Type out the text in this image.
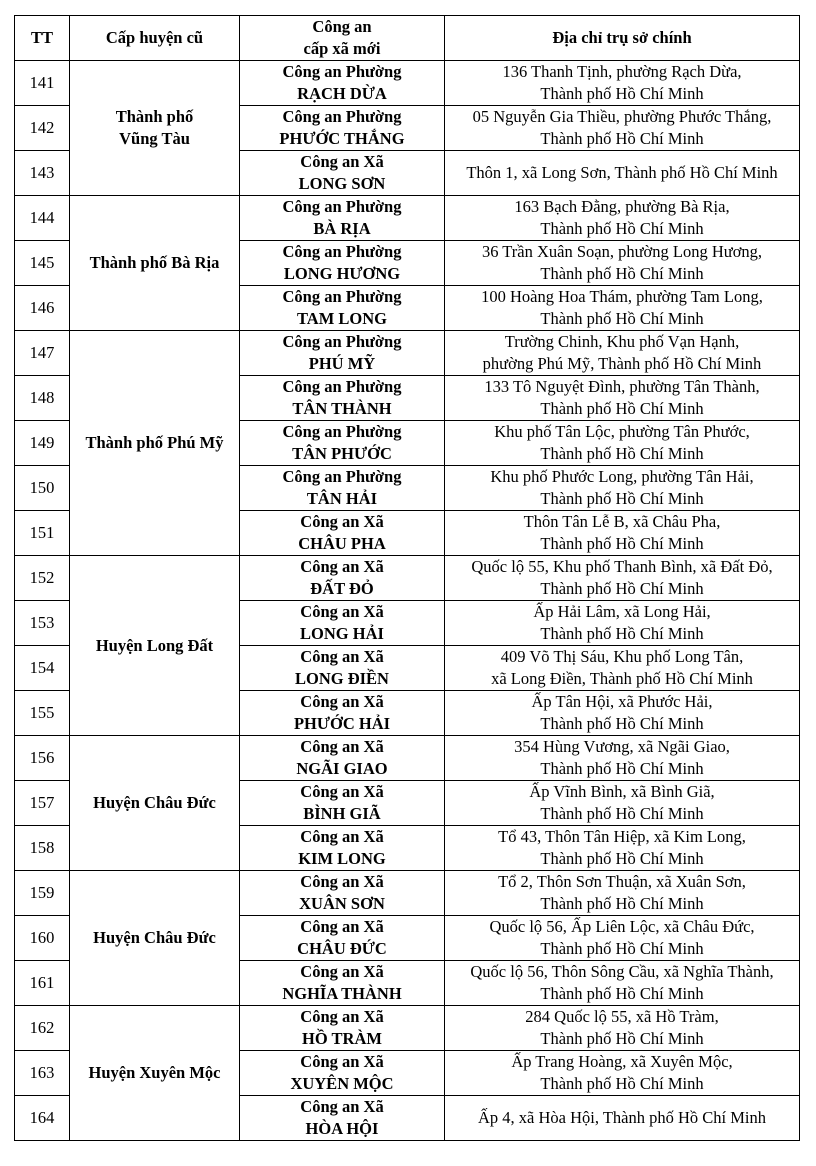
TT	Cấp huyện cũ	Công an
cấp xã mới	Địa chỉ trụ sở chính
141	Thành phố
Vũng Tàu	Công an Phường
RẠCH DỪA	136 Thanh Tịnh, phường Rạch Dừa,
Thành phố Hồ Chí Minh

142		Công an Phường
PHƯỚC THẮNG	05 Nguyễn Gia Thiều, phường Phước Thắng,
Thành phố Hồ Chí Minh

143		Công an Xã
LONG SƠN	Thôn 1, xã Long Sơn, Thành phố Hồ Chí Minh

144	Thành phố Bà Rịa	Công an Phường
BÀ RỊA	163 Bạch Đằng, phường Bà Rịa,
Thành phố Hồ Chí Minh

145		Công an Phường
LONG HƯƠNG	36 Trần Xuân Soạn, phường Long Hương,
Thành phố Hồ Chí Minh

146		Công an Phường
TAM LONG	100 Hoàng Hoa Thám, phường Tam Long,
Thành phố Hồ Chí Minh

147	Thành phố Phú Mỹ	Công an Phường
PHÚ MỸ	Trường Chinh, Khu phố Vạn Hạnh,
phường Phú Mỹ, Thành phố Hồ Chí Minh

148		Công an Phường
TÂN THÀNH	133 Tô Nguyệt Đình, phường Tân Thành,
Thành phố Hồ Chí Minh

149		Công an Phường
TÂN PHƯỚC	Khu phố Tân Lộc, phường Tân Phước,
Thành phố Hồ Chí Minh

150		Công an Phường
TÂN HẢI	Khu phố Phước Long, phường Tân Hải,
Thành phố Hồ Chí Minh

151		Công an Xã
CHÂU PHA	Thôn Tân Lễ B, xã Châu Pha,
Thành phố Hồ Chí Minh

152	Huyện Long Đất	Công an Xã
ĐẤT ĐỎ	Quốc lộ 55, Khu phố Thanh Bình, xã Đất Đỏ,
Thành phố Hồ Chí Minh

153		Công an Xã
LONG HẢI	Ấp Hải Lâm, xã Long Hải,
Thành phố Hồ Chí Minh

154		Công an Xã
LONG ĐIỀN	409 Võ Thị Sáu, Khu phố Long Tân,
xã Long Điền, Thành phố Hồ Chí Minh

155		Công an Xã
PHƯỚC HẢI	Ấp Tân Hội, xã Phước Hải,
Thành phố Hồ Chí Minh

156	Huyện Châu Đức	Công an Xã
NGÃI GIAO	354 Hùng Vương, xã Ngãi Giao,
Thành phố Hồ Chí Minh

157		Công an Xã
BÌNH GIÃ	Ấp Vĩnh Bình, xã Bình Giã,
Thành phố Hồ Chí Minh

158		Công an Xã
KIM LONG	Tổ 43, Thôn Tân Hiệp, xã Kim Long,
Thành phố Hồ Chí Minh

159	Huyện Châu Đức	Công an Xã
XUÂN SƠN	Tổ 2, Thôn Sơn Thuận, xã Xuân Sơn,
Thành phố Hồ Chí Minh

160		Công an Xã
CHÂU ĐỨC	Quốc lộ 56, Ấp Liên Lộc, xã Châu Đức,
Thành phố Hồ Chí Minh

161		Công an Xã
NGHĨA THÀNH	Quốc lộ 56, Thôn Sông Cầu, xã Nghĩa Thành,
Thành phố Hồ Chí Minh

162	Huyện Xuyên Mộc	Công an Xã
HỒ TRÀM	284 Quốc lộ 55, xã Hồ Tràm,
Thành phố Hồ Chí Minh

163		Công an Xã
XUYÊN MỘC	Ấp Trang Hoàng, xã Xuyên Mộc,
Thành phố Hồ Chí Minh

164		Công an Xã
HÒA HỘI	Ấp 4, xã Hòa Hội, Thành phố Hồ Chí Minh
